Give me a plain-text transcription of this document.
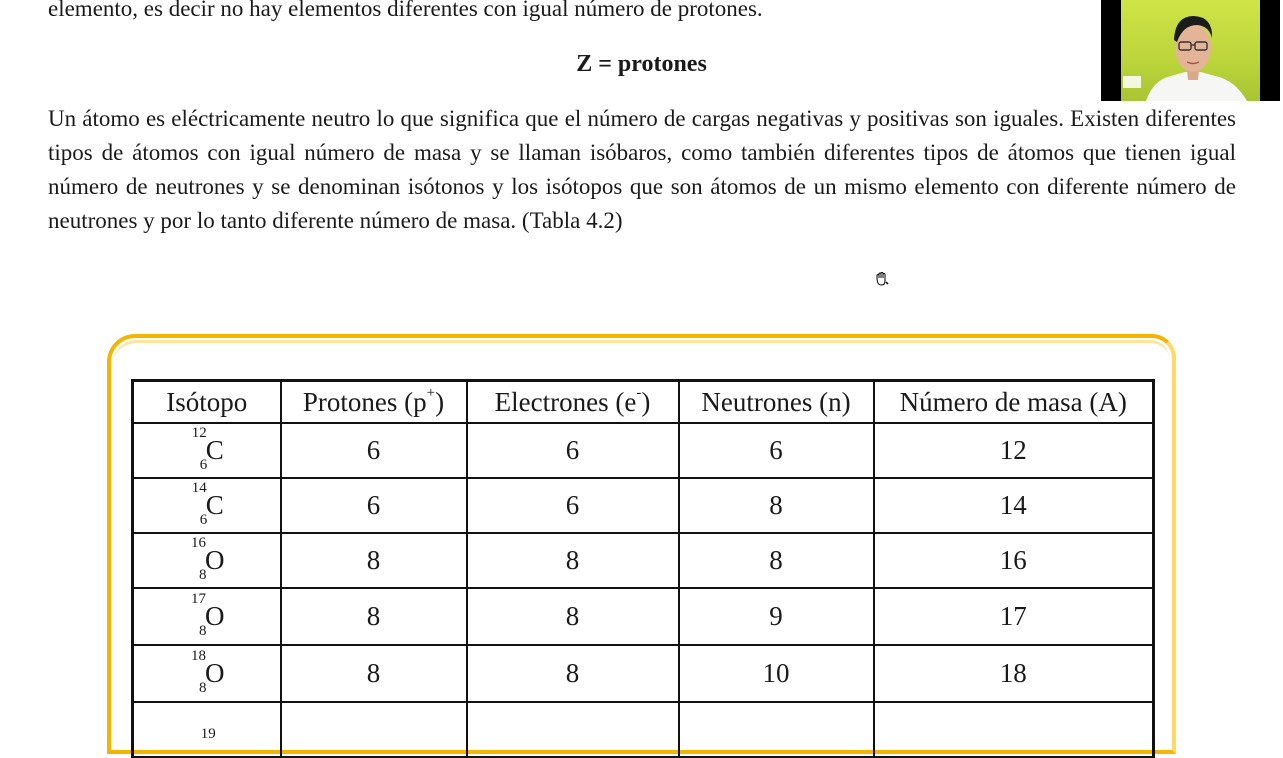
elemento, es decir no hay elementos diferentes con igual número de protones.
Z = protones
Un átomo es eléctricamente neutro lo que significa que el número de cargas negativas y positivas son iguales. Existen diferentes tipos de átomos con igual número de masa y se llaman isóbaros, como también diferentes tipos de átomos que tienen igual número de neutrones y se denominan isótonos y los isótopos que son átomos de un mismo elemento con diferente número de neutrones y por lo tanto diferente número de masa. (Tabla 4.2)
Isótopo	Protones (p+)	Electrones (e-)	Neutrones (n)	Número de masa (A)

12
6
C	6	6	6	12

14
6
C	6	6	8	14

16
8
O	8	8	8	16

17
8
O	8	8	9	17

18
8
O	8	8	10	18

19				
